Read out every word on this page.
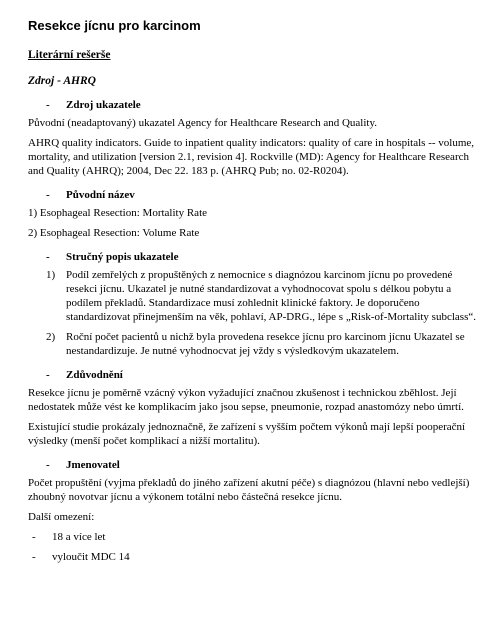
Resekce jícnu pro karcinom
Literární rešerše
Zdroj - AHRQ
- Zdroj ukazatele

Původní (neadaptovaný) ukazatel Agency for Healthcare Research and Quality.

AHRQ quality indicators. Guide to inpatient quality indicators: quality of care in hospitals -- volume, mortality, and utilization [version 2.1, revision 4]. Rockville (MD): Agency for Healthcare Research and Quality (AHRQ); 2004, Dec 22. 183 p. (AHRQ Pub; no. 02-R0204).

- Původní název

1) Esophageal Resection: Mortality Rate

2) Esophageal Resection: Volume Rate

- Stručný popis ukazatele
1) Podíl zemřelých z propuštěných z nemocnice s diagnózou karcinom jícnu po provedené resekci jícnu. Ukazatel je nutné standardizovat a vyhodnocovat spolu s délkou pobytu a podílem překladů. Standardizace musí zohlednit klinické faktory. Je doporučeno standardizovat přinejmenším na věk, pohlaví, AP-DRG., lépe s „Risk-of-Mortality subclass“.
2) Roční počet pacientů u nichž byla provedena resekce jícnu pro karcinom jícnu Ukazatel se nestandardizuje. Je nutné vyhodnocvat jej vždy s výsledkovým ukazatelem.
- Zdůvodnění

Resekce jícnu je poměrně vzácný výkon vyžadující značnou zkušenost i technickou zběhlost. Její nedostatek může vést ke komplikacím jako jsou sepse, pneumonie, rozpad anastomózy nebo úmrtí.

Existující studie prokázaly jednoznačně, že zařízení s vyšším počtem výkonů mají lepší pooperační výsledky (menší počet komplikací a nižší mortalitu).

- Jmenovatel

Počet propuštění (vyjma překladů do jiného zařízení akutní péče) s diagnózou (hlavní nebo vedlejší) zhoubný novotvar jícnu a výkonem totální nebo částečná resekce jícnu.

Další omezení:

- 18 a více let
- vyloučit MDC 14
